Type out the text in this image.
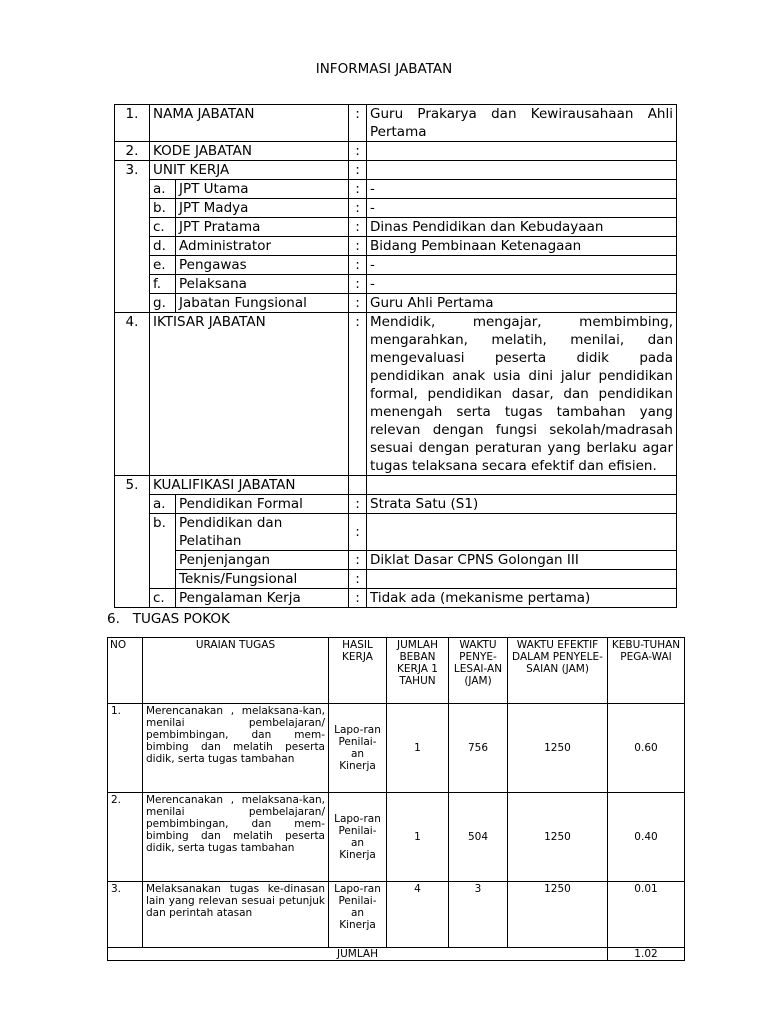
INFORMASI JABATAN
1.	NAMA JABATAN		:	Guru Prakarya dan Kewirausahaan Ahli Pertama
2.	KODE JABATAN		:	
3.	UNIT KERJA		:	
	a.	JPT Utama	:	-
	b.	JPT Madya	:	-
	c.	JPT Pratama	:	Dinas Pendidikan dan Kebudayaan
	d.	Administrator	:	Bidang Pembinaan Ketenagaan
	e.	Pengawas	:	-
	f.	Pelaksana	:	-
	g.	Jabatan Fungsional	:	Guru Ahli Pertama
4.	IKTISAR JABATAN		:	Mendidik, mengajar, membimbing, mengarahkan, melatih, menilai, dan mengevaluasi peserta didik pada pendidikan anak usia dini jalur pendidikan formal, pendidikan dasar, dan pendidikan menengah serta tugas tambahan yang relevan dengan fungsi sekolah/madrasah sesuai dengan peraturan yang berlaku agar tugas telaksana secara efektif dan efisien.
5.	KUALIFIKASI JABATAN			
	a.	Pendidikan Formal	:	Strata Satu (S1)
	b.	Pendidikan dan Pelatihan	:	
		Penjenjangan	:	Diklat Dasar CPNS Golongan III
		Teknis/Fungsional	:	
	c.	Pengalaman Kerja	:	Tidak ada (mekanisme pertama)
6.   TUGAS POKOK
NO	URAIAN TUGAS	HASIL KERJA	JUMLAH BEBAN KERJA 1 TAHUN	WAKTU PENYE-LESAI-AN (JAM)	WAKTU EFEKTIF DALAM PENYELE-SAIAN (JAM)	KEBU-TUHAN PEGA-WAI
1.	Merencanakan , melaksana-kan, menilai pembelajaran/ pembimbingan, dan mem-bimbing dan melatih peserta didik, serta tugas tambahan	Lapo-ran Penilai-an Kinerja	1	756	1250	0.60
2.	Merencanakan , melaksana-kan, menilai pembelajaran/ pembimbingan, dan mem-bimbing dan melatih peserta didik, serta tugas tambahan	Lapo-ran Penilai-an Kinerja	1	504	1250	0.40
3.	Melaksanakan tugas ke-dinasan lain yang relevan sesuai petunjuk dan perintah atasan	Lapo-ran Penilai-an Kinerja	4	3	1250	0.01
JUMLAH						1.02
